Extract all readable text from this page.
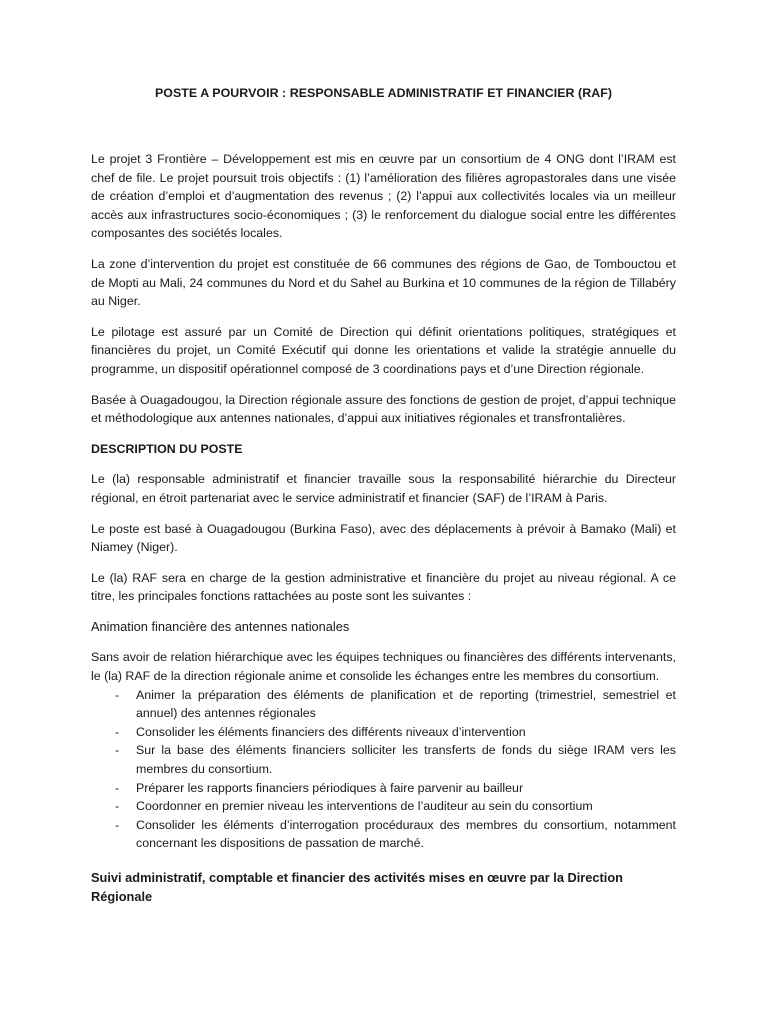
POSTE A POURVOIR : RESPONSABLE ADMINISTRATIF ET FINANCIER (RAF)

Le projet 3 Frontière – Développement est mis en œuvre par un consortium de 4 ONG dont l’IRAM est chef de file. Le projet poursuit trois objectifs : (1) l’amélioration des filières agropastorales dans une visée de création d’emploi et d’augmentation des revenus ; (2) l’appui aux collectivités locales via un meilleur accès aux infrastructures socio-économiques ; (3) le renforcement du dialogue social entre les différentes composantes des sociétés locales.

La zone d’intervention du projet est constituée de 66 communes des régions de Gao, de Tombouctou et de Mopti au Mali, 24 communes du Nord et du Sahel au Burkina et 10 communes de la région de Tillabéry au Niger.

Le pilotage est assuré par un Comité de Direction qui définit orientations politiques, stratégiques et financières du projet, un Comité Exécutif qui donne les orientations et valide la stratégie annuelle du programme, un dispositif opérationnel composé de 3 coordinations pays et d’une Direction régionale.

Basée à Ouagadougou, la Direction régionale assure des fonctions de gestion de projet, d’appui technique et méthodologique aux antennes nationales, d’appui aux initiatives régionales et transfrontalières.

DESCRIPTION DU POSTE

Le (la) responsable administratif et financier travaille sous la responsabilité hiérarchie du Directeur régional, en étroit partenariat avec le service administratif et financier (SAF) de l’IRAM à Paris.

Le poste est basé à Ouagadougou (Burkina Faso), avec des déplacements à prévoir à Bamako (Mali) et Niamey (Niger).

Le (la) RAF sera en charge de la gestion administrative et financière du projet au niveau régional. A ce titre, les principales fonctions rattachées au poste sont les suivantes :

Animation financière des antennes nationales

Sans avoir de relation hiérarchique avec les équipes techniques ou financières des différents intervenants, le (la) RAF de la direction régionale anime et consolide les échanges entre les membres du consortium.

- Animer la préparation des éléments de planification et de reporting (trimestriel, semestriel et annuel) des antennes régionales
- Consolider les éléments financiers des différents niveaux d’intervention
- Sur la base des éléments financiers solliciter les transferts de fonds du siège IRAM vers les membres du consortium.
- Préparer les rapports financiers périodiques à faire parvenir au bailleur
- Coordonner en premier niveau les interventions de l’auditeur au sein du consortium
- Consolider les éléments d’interrogation procéduraux des membres du consortium, notamment concernant les dispositions de passation de marché.
Suivi administratif, comptable et financier des activités mises en œuvre par la Direction Régionale
